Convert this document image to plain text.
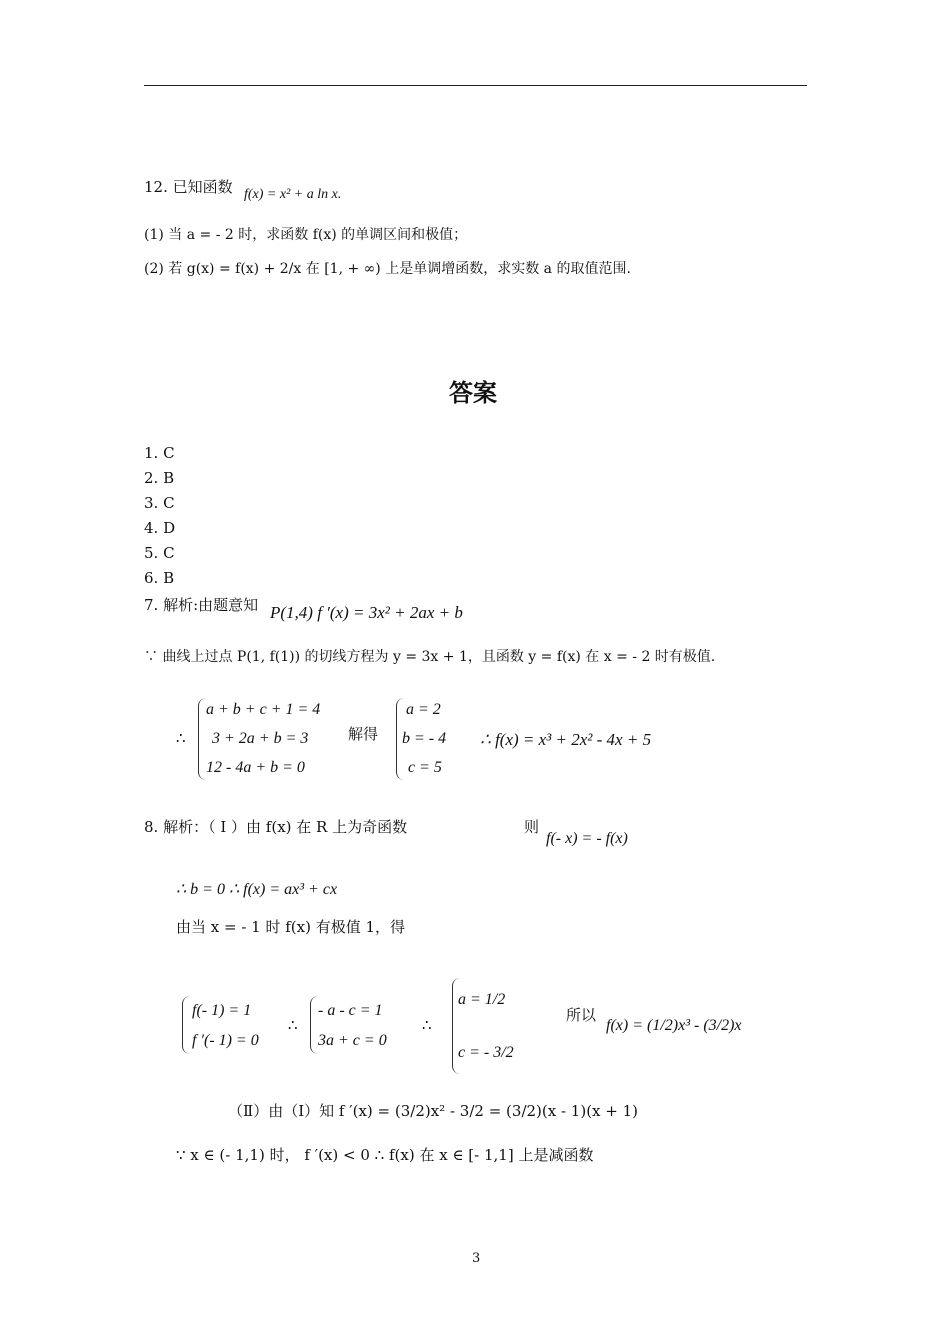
12. 已知函数 f(x) = x² + a ln x.
(1) 当 a = - 2 时，求函数 f(x) 的单调区间和极值；
(2) 若 g(x) = f(x) + 2/x 在 [1, + ∞) 上是单调增函数，求实数 a 的取值范围.
答案
1. C
2. B
3. C
4. D
5. C
6. B
7. 解析:由题意知 P(1,4) f ′(x) = 3x² + 2ax + b
∵ 曲线上过点 P(1, f(1)) 的切线方程为 y = 3x + 1，且函数 y = f(x) 在 x = - 2 时有极值.
∴
a + b + c + 1 = 4
3 + 2a + b = 3
12 - 4a + b = 0
解得
a = 2
b = - 4
c = 5
∴ f(x) = x³ + 2x² - 4x + 5
8. 解析：（ Ⅰ ）由 f(x) 在 R 上为奇函数	则
f(- x) = - f(x)
∴ b = 0 ∴ f(x) = ax³ + cx
由当 x = - 1 时 f(x) 有极值 1，得
f(- 1) = 1
f ′(- 1) = 0
∴
- a - c = 1
3a + c = 0
∴
a = 1/2
c = - 3/2
所以
f(x) = (1/2)x³ - (3/2)x
（Ⅱ）由（Ⅰ）知 f ′(x) = (3/2)x² - 3/2 = (3/2)(x - 1)(x + 1)
∵ x ∈ (- 1,1) 时， f ′(x) < 0 ∴ f(x) 在 x ∈ [- 1,1] 上是减函数
3
